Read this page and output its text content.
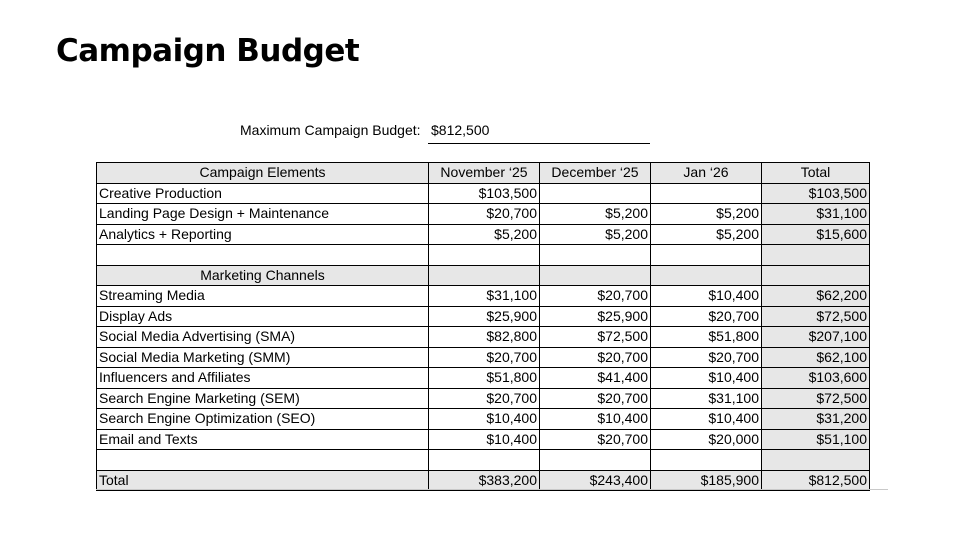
Campaign Budget
Maximum Campaign Budget: $812,500
Campaign Elements	November ‘25	December ‘25	Jan ‘26	Total
Creative Production	$103,500			$103,500
Landing Page Design + Maintenance	$20,700	$5,200	$5,200	$31,100
Analytics + Reporting	$5,200	$5,200	$5,200	$15,600

Marketing Channels				
Streaming Media	$31,100	$20,700	$10,400	$62,200
Display Ads	$25,900	$25,900	$20,700	$72,500
Social Media Advertising (SMA)	$82,800	$72,500	$51,800	$207,100
Social Media Marketing (SMM)	$20,700	$20,700	$20,700	$62,100
Influencers and Affiliates	$51,800	$41,400	$10,400	$103,600
Search Engine Marketing (SEM)	$20,700	$20,700	$31,100	$72,500
Search Engine Optimization (SEO)	$10,400	$10,400	$10,400	$31,200
Email and Texts	$10,400	$20,700	$20,000	$51,100

Total	$383,200	$243,400	$185,900	$812,500
